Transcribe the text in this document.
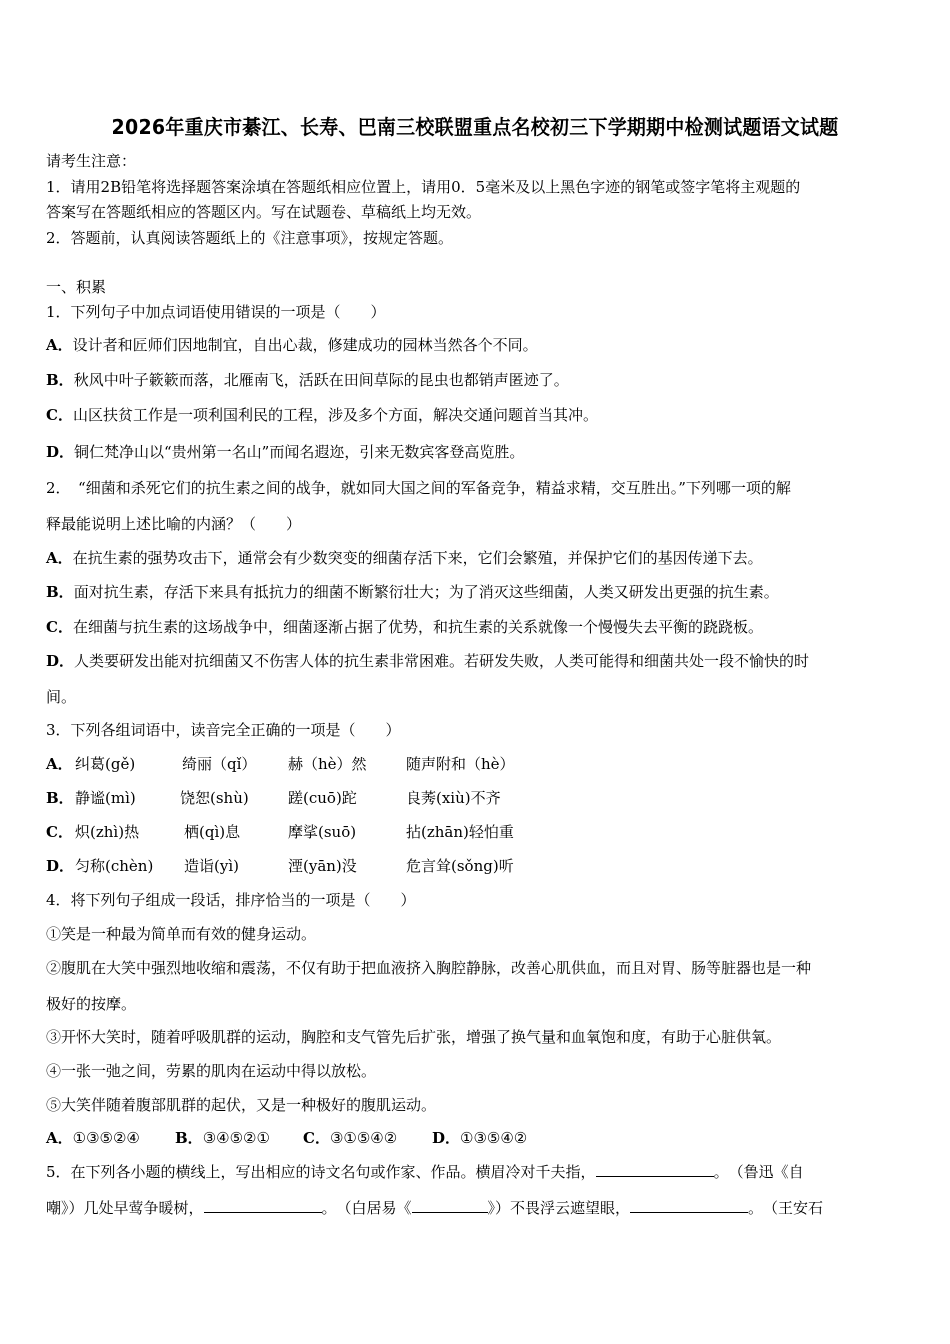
2026年重庆市綦江、长寿、巴南三校联盟重点名校初三下学期期中检测试题语文试题
请考生注意：
1．请用2B铅笔将选择题答案涂填在答题纸相应位置上，请用0．5毫米及以上黑色字迹的钢笔或签字笔将主观题的
答案写在答题纸相应的答题区内。写在试题卷、草稿纸上均无效。
2．答题前，认真阅读答题纸上的《注意事项》，按规定答题。
一、积累
1．下列句子中加点词语使用错误的一项是（　　）
A．设计者和匠师们因地制宜，自出心裁，修建成功的园林当然各个不同。
B．秋风中叶子簌簌而落，北雁南飞，活跃在田间草际的昆虫也都销声匿迹了。
C．山区扶贫工作是一项利国利民的工程，涉及多个方面，解决交通问题首当其冲。
D．铜仁梵净山以“贵州第一名山”而闻名遐迩，引来无数宾客登高览胜。
2．　“细菌和杀死它们的抗生素之间的战争，就如同大国之间的军备竞争，精益求精，交互胜出。”下列哪一项的解
释最能说明上述比喻的内涵？（　　）
A．在抗生素的强势攻击下，通常会有少数突变的细菌存活下来，它们会繁殖，并保护它们的基因传递下去。
B．面对抗生素，存活下来具有抵抗力的细菌不断繁衍壮大；为了消灭这些细菌，人类又研发出更强的抗生素。
C．在细菌与抗生素的这场战争中，细菌逐渐占据了优势，和抗生素的关系就像一个慢慢失去平衡的跷跷板。
D．人类要研发出能对抗细菌又不伤害人体的抗生素非常困难。若研发失败，人类可能得和细菌共处一段不愉快的时
间。
3．下列各组词语中，读音完全正确的一项是（　　）
A． 纠葛(gě)	绮丽（qǐ） 赫（hè）然	随声附和（hè）
B． 静谧(mì)	饶恕(shù)	蹉(cuō)跎	良莠(xiù)不齐
C． 炽(zhì)热	栖(qì)息	摩挲(suō)	拈(zhān)轻怕重
D． 匀称(chèn) 造诣(yì)	湮(yān)没	危言耸(sǒng)听
4．将下列句子组成一段话，排序恰当的一项是（　　）
①笑是一种最为简单而有效的健身运动。
②腹肌在大笑中强烈地收缩和震荡，不仅有助于把血液挤入胸腔静脉，改善心肌供血，而且对胃、肠等脏器也是一种
极好的按摩。
③开怀大笑时，随着呼吸肌群的运动，胸腔和支气管先后扩张，增强了换气量和血氧饱和度，有助于心脏供氧。
④一张一弛之间，劳累的肌肉在运动中得以放松。
⑤大笑伴随着腹部肌群的起伏，又是一种极好的腹肌运动。
A．①③⑤②④ B．③④⑤②① C．③①⑤④② D．①③⑤④②
5．在下列各小题的横线上，写出相应的诗文名句或作家、作品。横眉冷对千夫指，	。　（鲁迅《自
嘲》）几处早莺争暖树，	。　（白居易《	》）不畏浮云遮望眼，	。　（王安石
